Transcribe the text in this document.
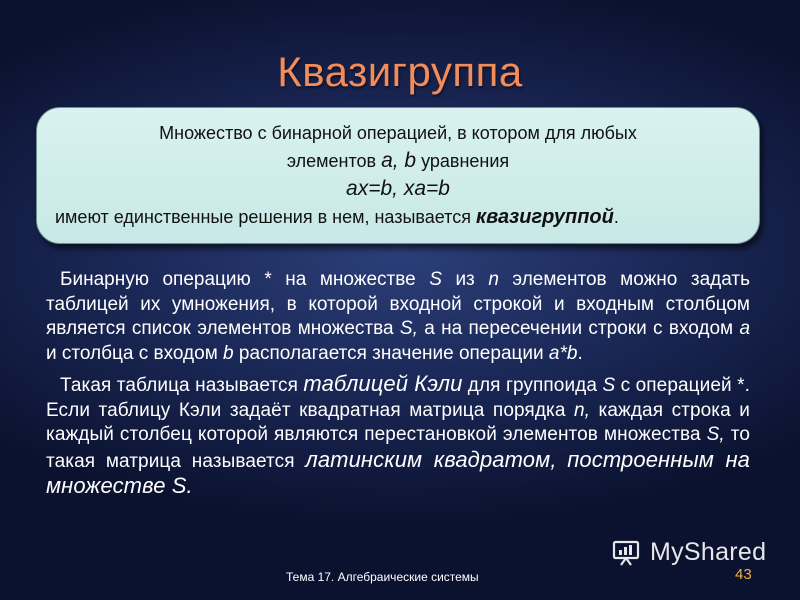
Квазигруппа
Множество с бинарной операцией, в котором для любых
элементов a, b уравнения
ax=b, xa=b
имеют единственные решения в нем, называется квазигруппой.

Бинарную операцию * на множестве S из n элементов можно задать таблицей их умножения, в которой входной строкой и входным столбцом является список элементов множества S, а на пересечении строки с входом a и столбца с входом b располагается значение операции a*b.

Такая таблица называется таблицей Кэли для группоида S с операцией *. Если таблицу Кэли задаёт квадратная матрица порядка n, каждая строка и каждый столбец которой являются перестановкой элементов множества S, то такая матрица называется латинским квадратом, построенным на множестве S.

MyShared
Тема 17. Алгебраические системы	43
